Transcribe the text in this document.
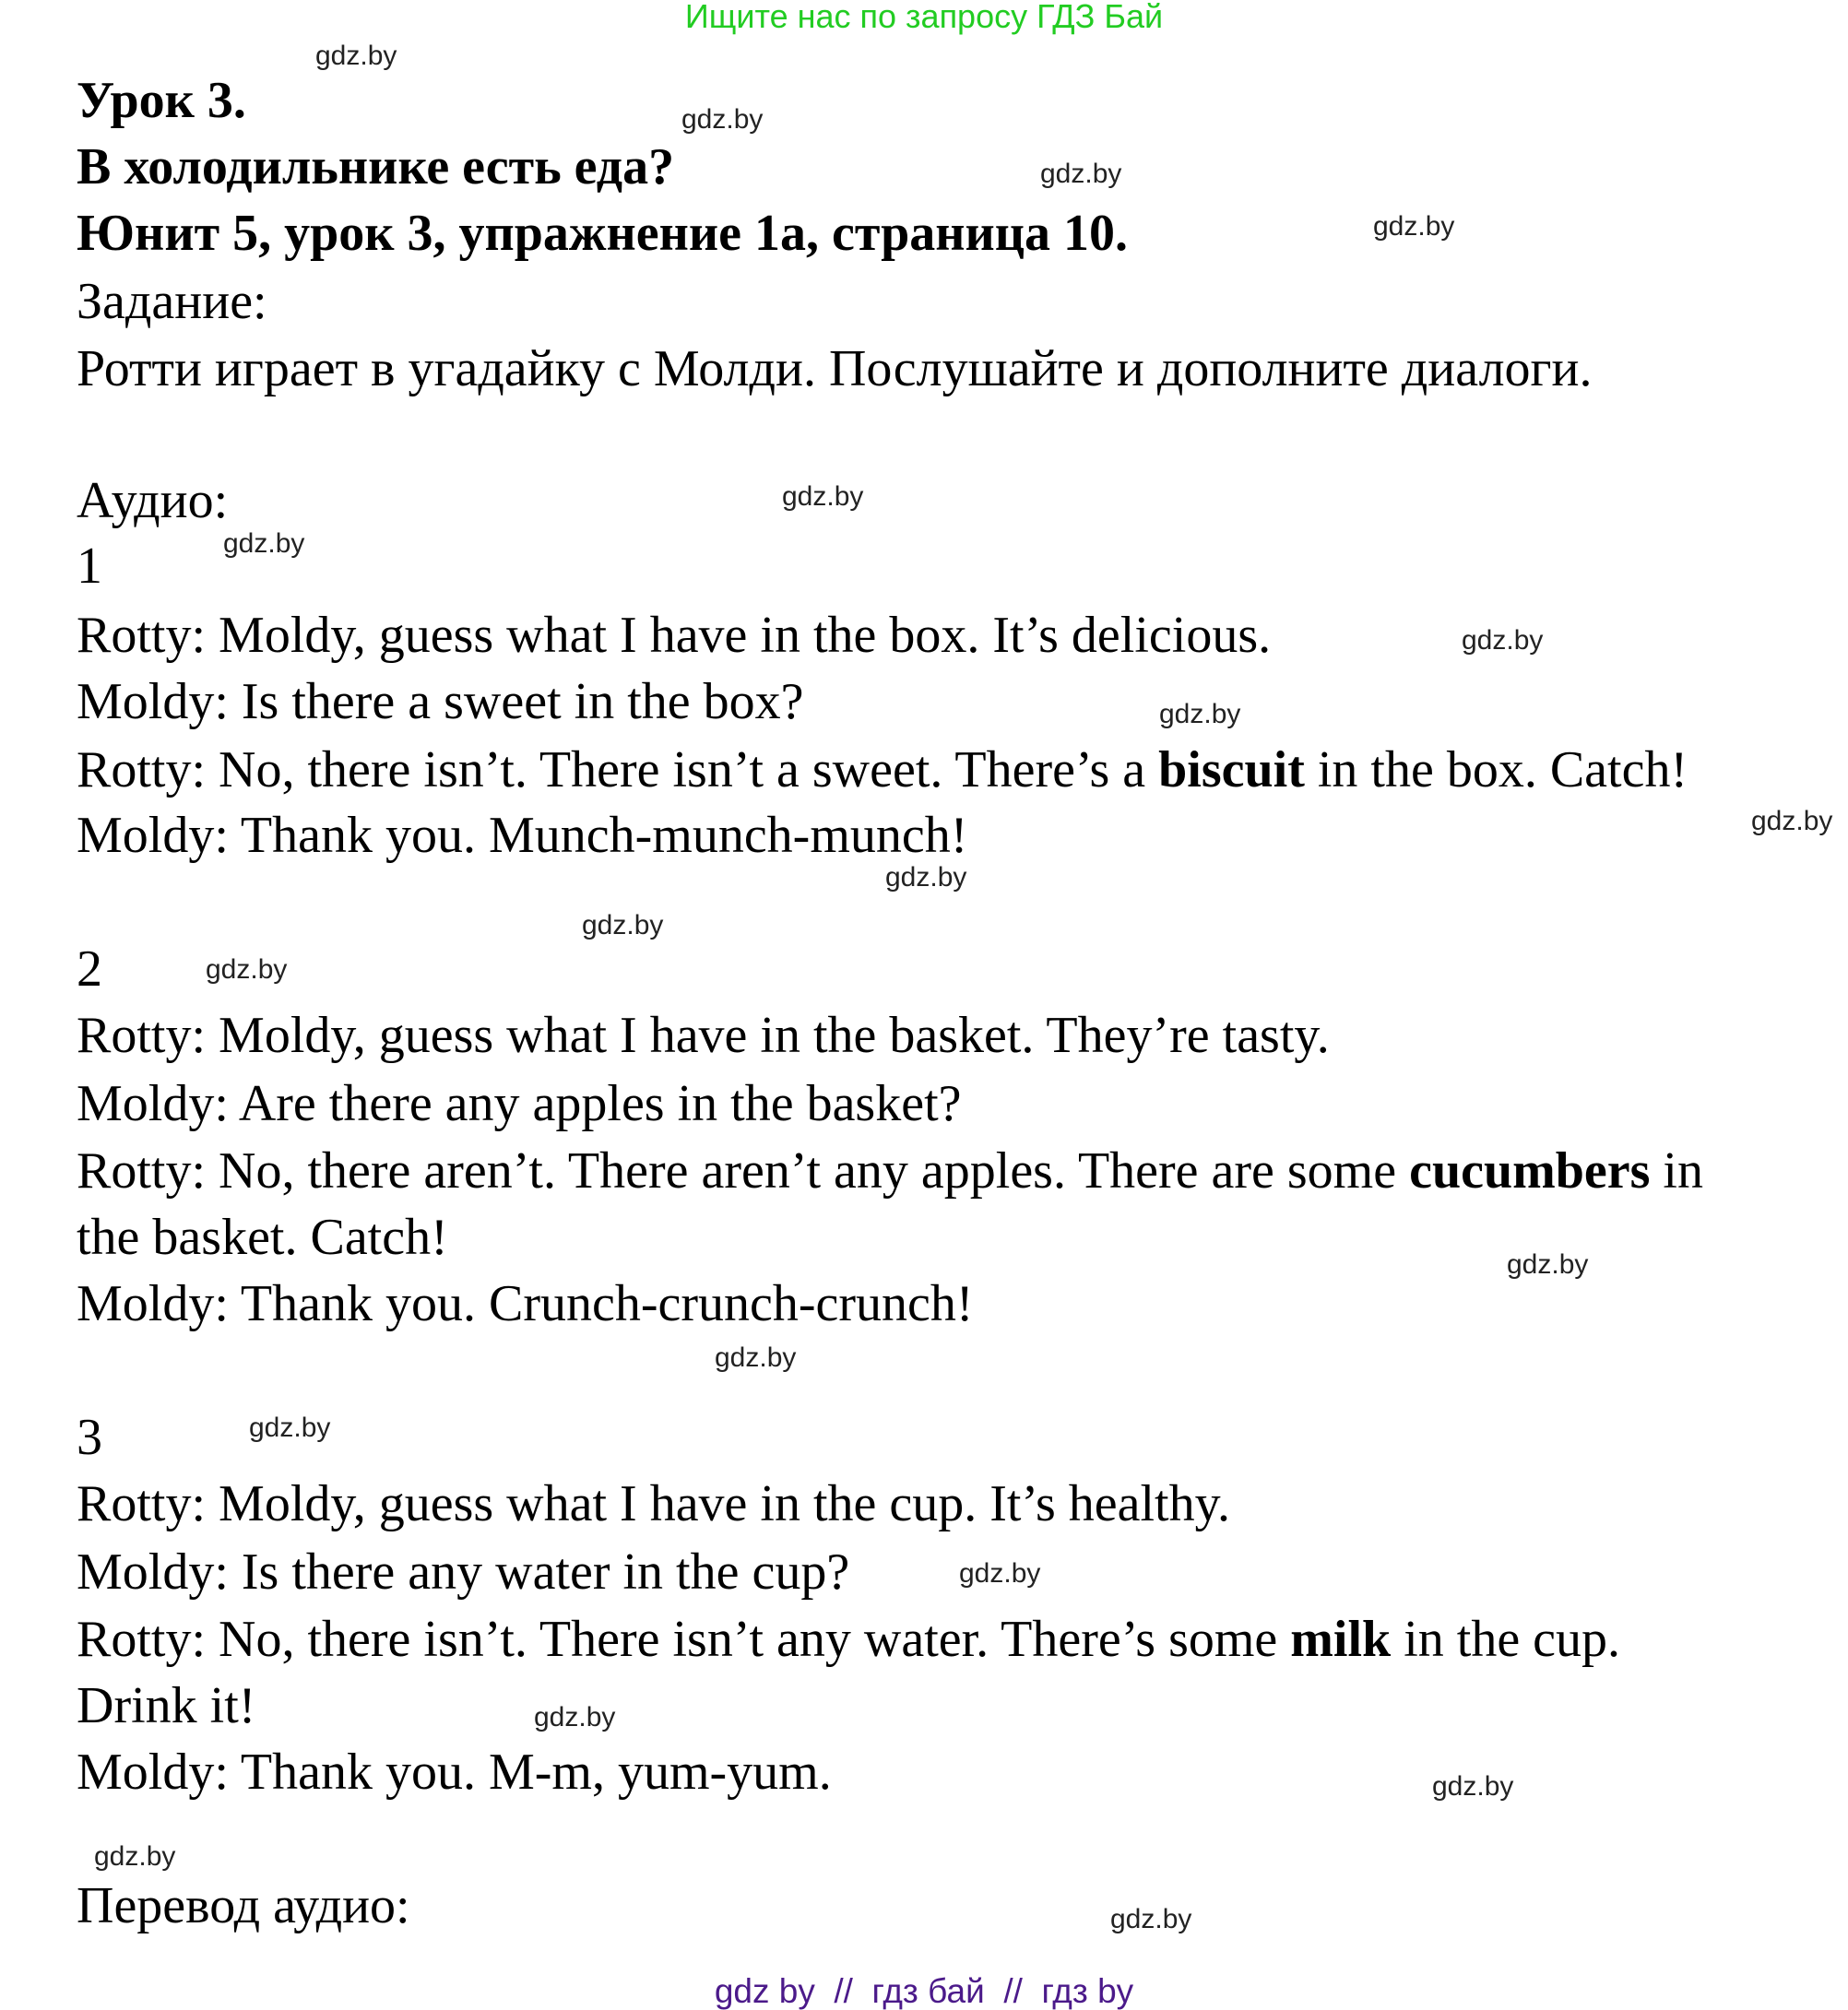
Ищите нас по запросу ГДЗ Бай
Урок 3.
В холодильнике есть еда?
Юнит 5, урок 3, упражнение 1a, страница 10.
Задание:
Ротти играет в угадайку с Молди. Послушайте и дополните диалоги.
Аудио:
1
Rotty: Moldy, guess what I have in the box. It’s delicious.
Moldy: Is there a sweet in the box?
Rotty: No, there isn’t. There isn’t a sweet. There’s a biscuit in the box. Catch!
Moldy: Thank you. Munch-munch-munch!
2
Rotty: Moldy, guess what I have in the basket. They’re tasty.
Moldy: Are there any apples in the basket?
Rotty: No, there aren’t. There aren’t any apples. There are some cucumbers in
the basket. Catch!
Moldy: Thank you. Crunch-crunch-crunch!
3
Rotty: Moldy, guess what I have in the cup. It’s healthy.
Moldy: Is there any water in the cup?
Rotty: No, there isn’t. There isn’t any water. There’s some milk in the cup.
Drink it!
Moldy: Thank you. M-m, yum-yum.
Перевод аудио:
gdz.by
gdz.by
gdz.by
gdz.by
gdz.by
gdz.by
gdz.by
gdz.by
gdz.by
gdz.by
gdz.by
gdz.by
gdz.by
gdz.by
gdz.by
gdz.by
gdz.by
gdz.by
gdz.by
gdz.by
gdz by  //  гдз бай  //  гдз by
